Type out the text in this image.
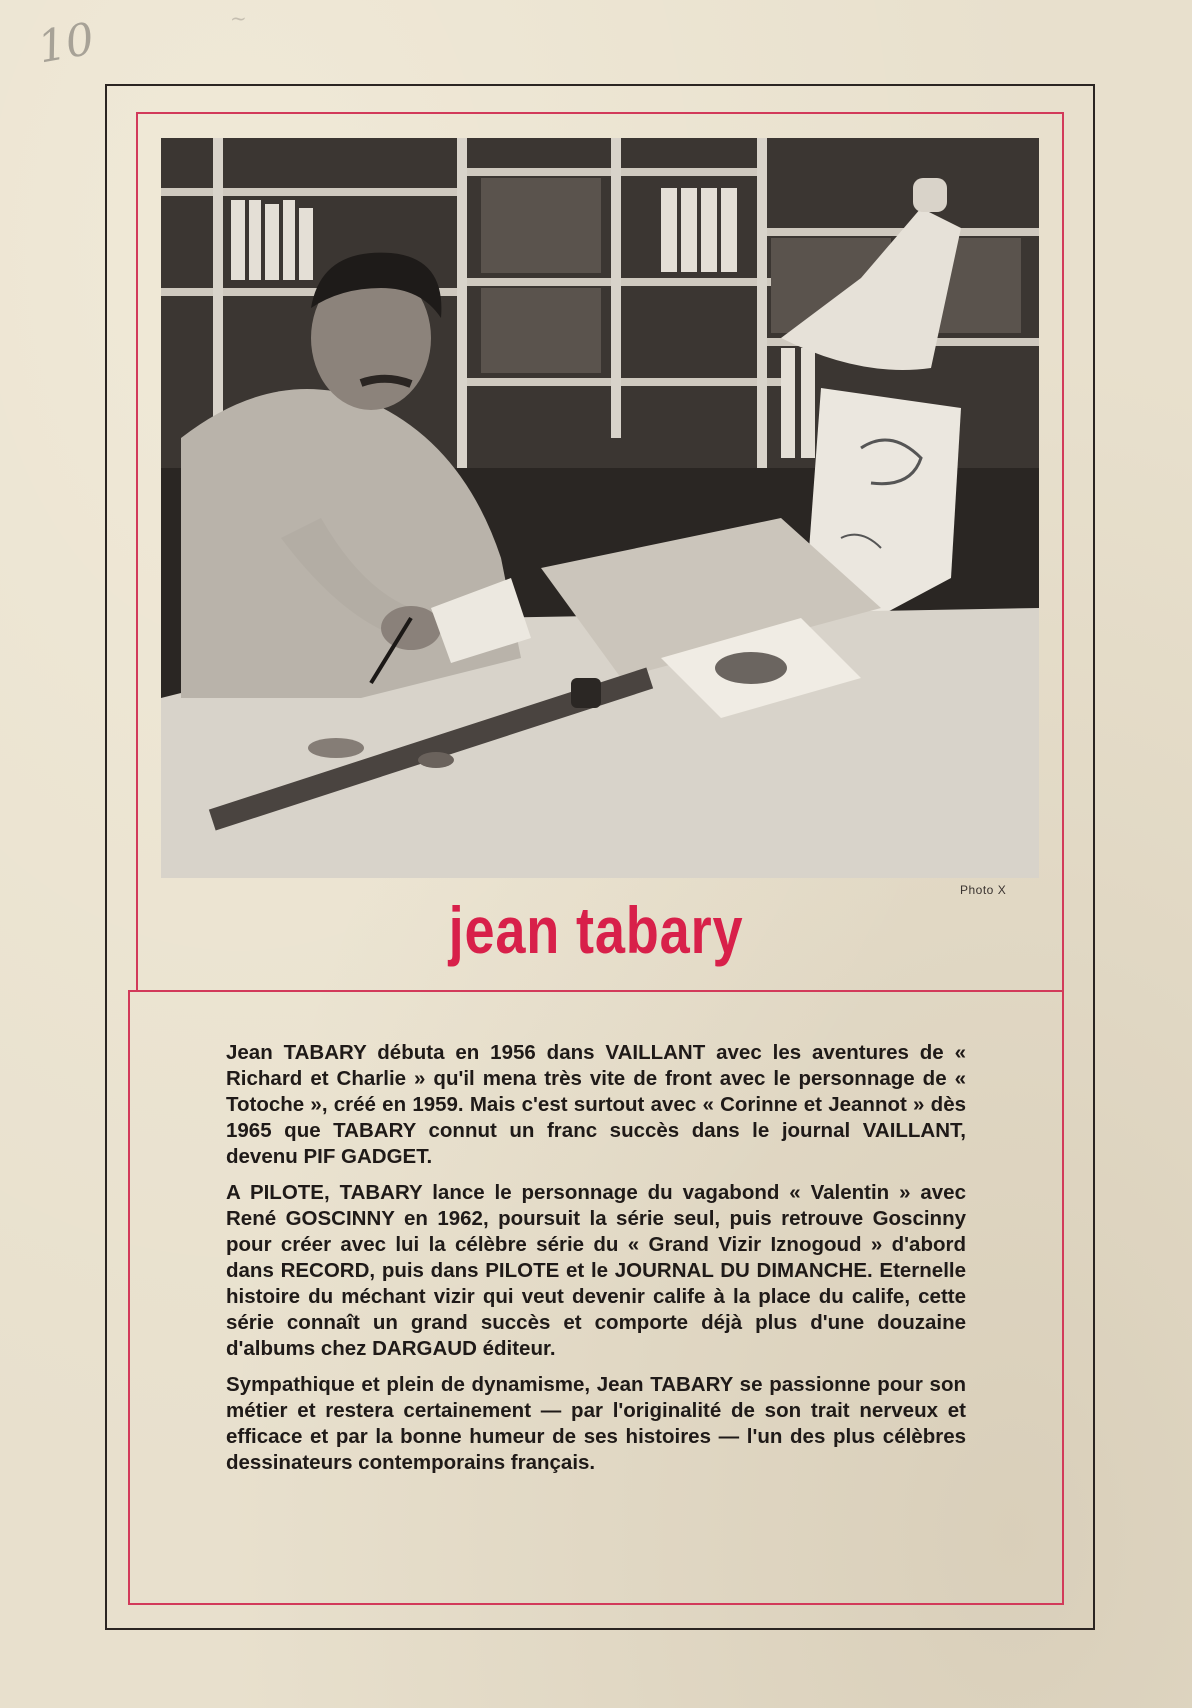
10	~
Photo X
jean tabary

Jean TABARY débuta en 1956 dans VAILLANT avec les aventures de « Richard et Charlie » qu'il mena très vite de front avec le personnage de « Totoche », créé en 1959. Mais c'est surtout avec « Corinne et Jeannot » dès 1965 que TABARY connut un franc succès dans le journal VAILLANT, devenu PIF GADGET.

A PILOTE, TABARY lance le personnage du vagabond « Valentin » avec René GOSCINNY en 1962, poursuit la série seul, puis retrouve Goscinny pour créer avec lui la célèbre série du « Grand Vizir Iznogoud » d'abord dans RECORD, puis dans PILOTE et le JOURNAL DU DIMANCHE. Eternelle histoire du méchant vizir qui veut devenir calife à la place du calife, cette série connaît un grand succès et comporte déjà plus d'une douzaine d'albums chez DARGAUD éditeur.

Sympathique et plein de dynamisme, Jean TABARY se passionne pour son métier et restera certainement — par l'originalité de son trait nerveux et efficace et par la bonne humeur de ses histoires — l'un des plus célèbres dessinateurs contemporains français.
